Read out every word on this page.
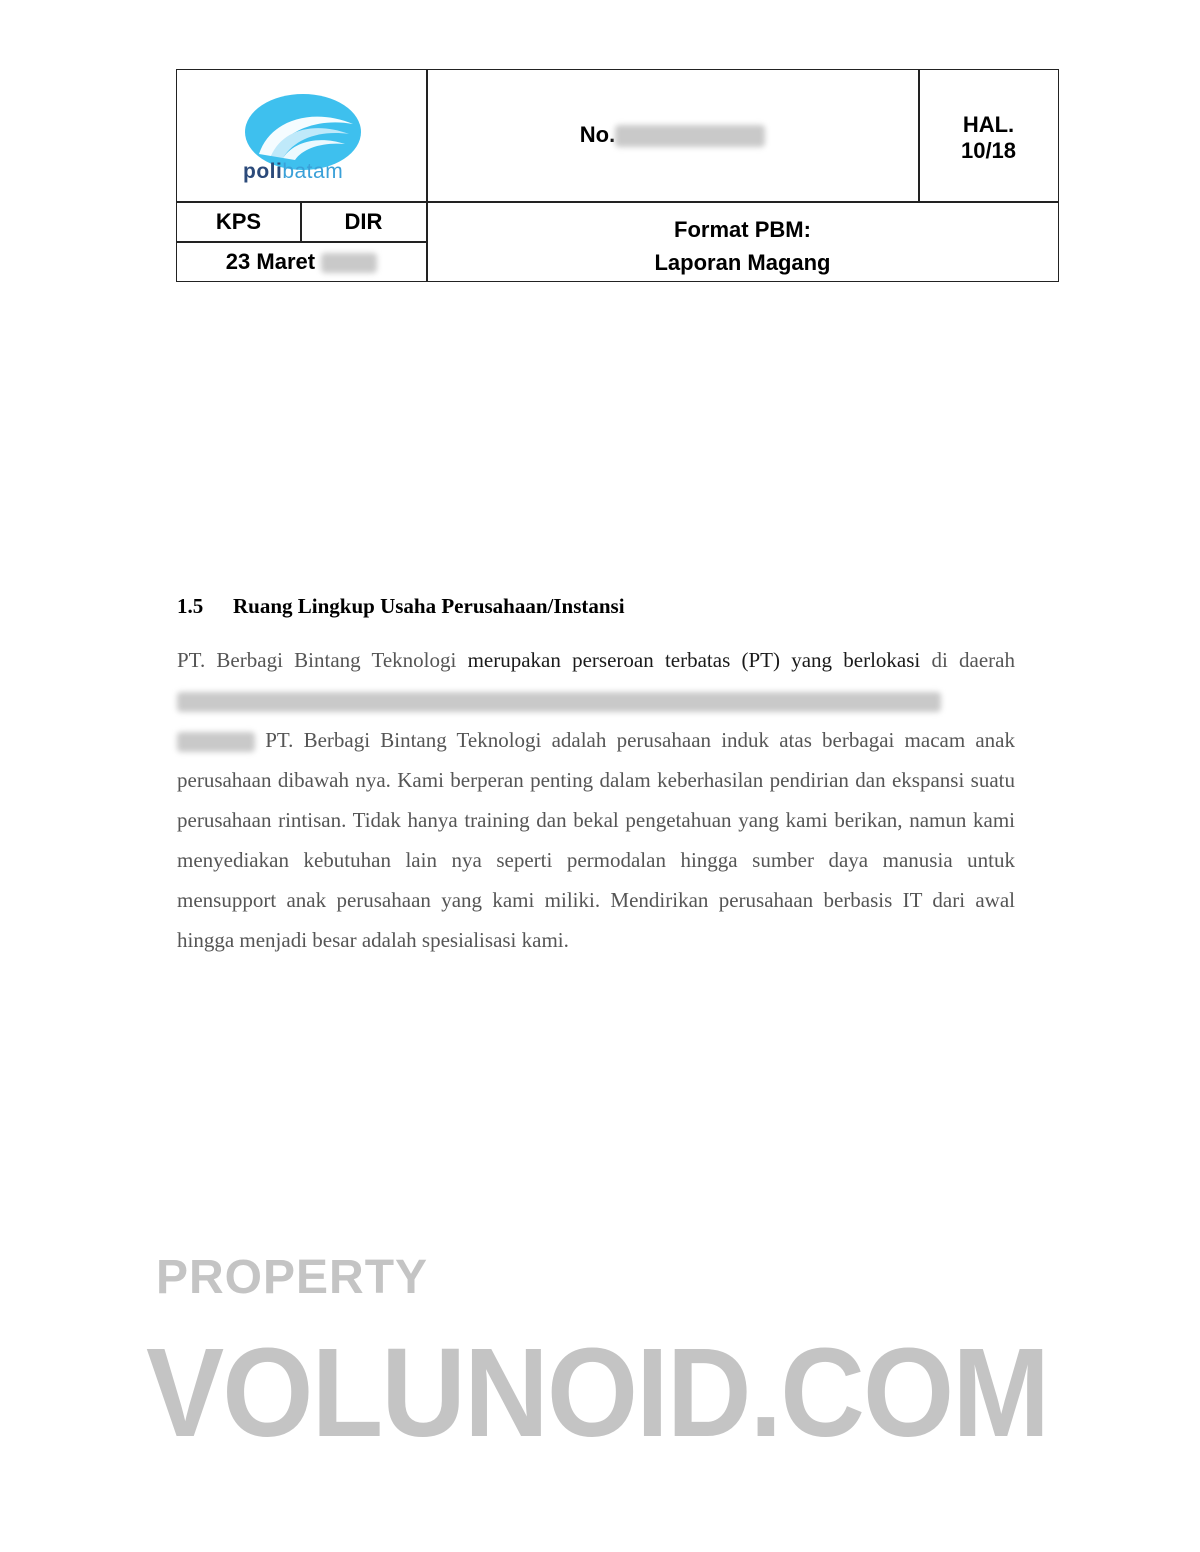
polibatam
No.	HAL.
10/18
KPS	DIR
23 Maret
Format PBM:
Laporan Magang
1.5 Ruang Lingkup Usaha Perusahaan/Instansi
PT. Berbagi Bintang Teknologi merupakan perseroan terbatas (PT) yang berlokasi di daerah   PT. Berbagi Bintang Teknologi adalah perusahaan induk atas berbagai macam anak perusahaan dibawah nya. Kami berperan penting dalam keberhasilan pendirian dan ekspansi suatu perusahaan rintisan. Tidak hanya training dan bekal pengetahuan yang kami berikan, namun kami menyediakan kebutuhan lain nya seperti permodalan hingga sumber daya manusia untuk mensupport anak perusahaan yang kami miliki. Mendirikan perusahaan berbasis IT dari awal hingga menjadi besar adalah spesialisasi kami.
PROPERTY
VOLUNOID.COM
